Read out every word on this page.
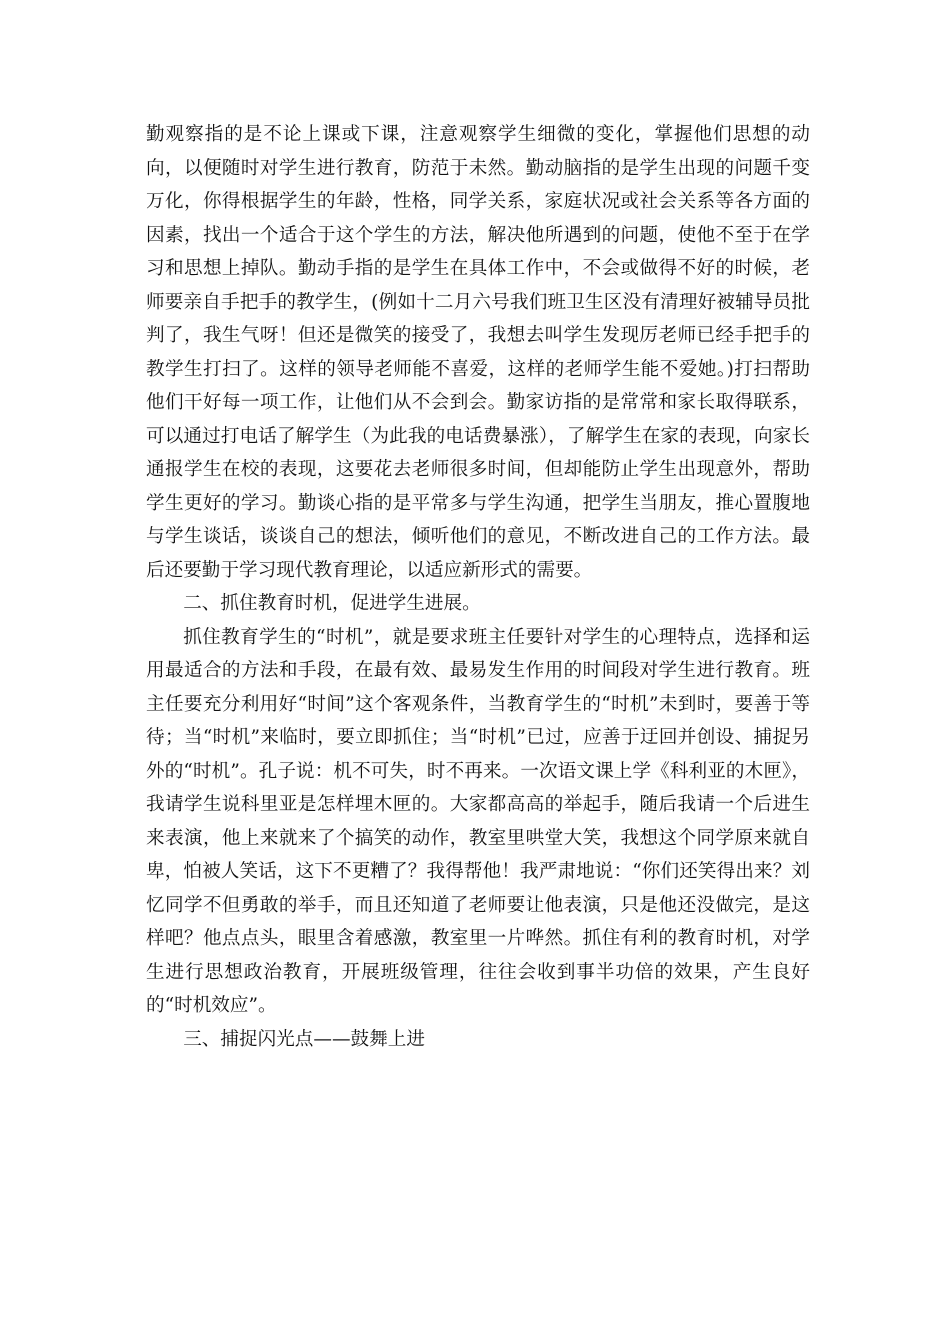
勤观察指的是不论上课或下课，注意观察学生细微的变化，掌握他们思想的动向，以便随时对学生进行教育，防范于未然。勤动脑指的是学生出现的问题千变万化，你得根据学生的年龄，性格，同学关系，家庭状况或社会关系等各方面的因素，找出一个适合于这个学生的方法，解决他所遇到的问题，使他不至于在学习和思想上掉队。勤动手指的是学生在具体工作中，不会或做得不好的时候，老师要亲自手把手的教学生，(例如十二月六号我们班卫生区没有清理好被辅导员批判了，我生气呀！但还是微笑的接受了，我想去叫学生发现厉老师已经手把手的教学生打扫了。这样的领导老师能不喜爱，这样的老师学生能不爱她。)打扫帮助他们干好每一项工作，让他们从不会到会。勤家访指的是常常和家长取得联系，可以通过打电话了解学生（为此我的电话费暴涨），了解学生在家的表现，向家长通报学生在校的表现，这要花去老师很多时间，但却能防止学生出现意外，帮助学生更好的学习。勤谈心指的是平常多与学生沟通，把学生当朋友，推心置腹地与学生谈话，谈谈自己的想法，倾听他们的意见，不断改进自己的工作方法。最后还要勤于学习现代教育理论，以适应新形式的需要。

二、抓住教育时机，促进学生进展。

抓住教育学生的“时机”，就是要求班主任要针对学生的心理特点，选择和运用最适合的方法和手段，在最有效、最易发生作用的时间段对学生进行教育。班主任要充分利用好“时间”这个客观条件，当教育学生的“时机”未到时，要善于等待；当“时机”来临时，要立即抓住；当“时机”已过，应善于迂回并创设、捕捉另外的“时机”。孔子说：机不可失，时不再来。一次语文课上学《科利亚的木匣》，我请学生说科里亚是怎样埋木匣的。大家都高高的举起手，随后我请一个后进生来表演，他上来就来了个搞笑的动作，教室里哄堂大笑，我想这个同学原来就自卑，怕被人笑话，这下不更糟了？我得帮他！我严肃地说：“你们还笑得出来？刘忆同学不但勇敢的举手，而且还知道了老师要让他表演，只是他还没做完，是这样吧？他点点头，眼里含着感激，教室里一片哗然。抓住有利的教育时机，对学生进行思想政治教育，开展班级管理，往往会收到事半功倍的效果，产生良好的“时机效应”。

三、捕捉闪光点——鼓舞上进
